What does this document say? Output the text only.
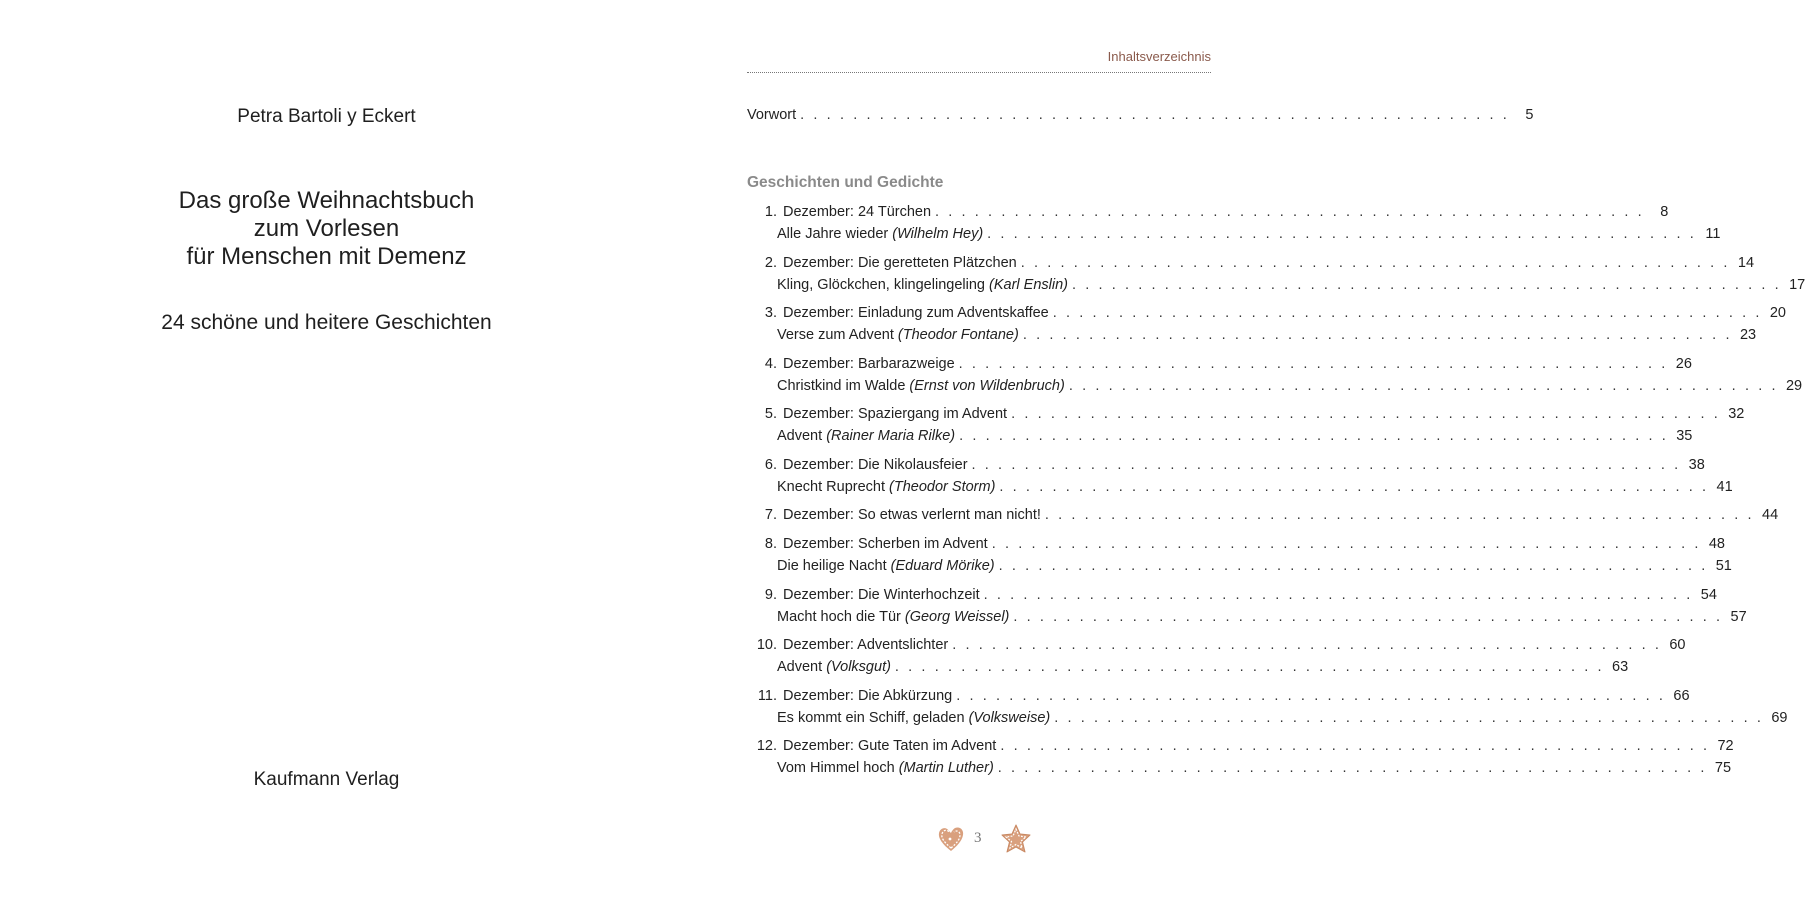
Petra Bartoli y Eckert
Das große Weihnachtsbuch
zum Vorlesen
für Menschen mit Demenz
24 schöne und heitere Geschichten
Kaufmann Verlag
Inhaltsverzeichnis
Vorwort . . . . . . . . . . . . . . . . . . . . . . . . . . . . . . . . . . . . . . . . . . . . . . . . . . . . . .	5
Geschichten und Gedichte
1. Dezember: 24 Türchen . . . . . . . . . . . . . . . . . . . . . . . . . . . . . . . . . . . . . . . . . . . . . . . . . . . . . .	8
Alle Jahre wieder (Wilhelm Hey) . . . . . . . . . . . . . . . . . . . . . . . . . . . . . . . . . . . . . . . . . . . . . . . . . . . . . . 11
2. Dezember: Die geretteten Plätzchen . . . . . . . . . . . . . . . . . . . . . . . . . . . . . . . . . . . . . . . . . . . . . . . . . . . . . . 14
Kling, Glöckchen, klingelingeling (Karl Enslin) . . . . . . . . . . . . . . . . . . . . . . . . . . . . . . . . . . . . . . . . . . . . . . . . . . . . . . 17
3. Dezember: Einladung zum Adventskaffee . . . . . . . . . . . . . . . . . . . . . . . . . . . . . . . . . . . . . . . . . . . . . . . . . . . . . . 20
Verse zum Advent (Theodor Fontane) . . . . . . . . . . . . . . . . . . . . . . . . . . . . . . . . . . . . . . . . . . . . . . . . . . . . . . 23
4. Dezember: Barbarazweige . . . . . . . . . . . . . . . . . . . . . . . . . . . . . . . . . . . . . . . . . . . . . . . . . . . . . . 26
Christkind im Walde (Ernst von Wildenbruch) . . . . . . . . . . . . . . . . . . . . . . . . . . . . . . . . . . . . . . . . . . . . . . . . . . . . . . 29
5. Dezember: Spaziergang im Advent . . . . . . . . . . . . . . . . . . . . . . . . . . . . . . . . . . . . . . . . . . . . . . . . . . . . . . 32
Advent (Rainer Maria Rilke) . . . . . . . . . . . . . . . . . . . . . . . . . . . . . . . . . . . . . . . . . . . . . . . . . . . . . . 35
6. Dezember: Die Nikolausfeier . . . . . . . . . . . . . . . . . . . . . . . . . . . . . . . . . . . . . . . . . . . . . . . . . . . . . . 38
Knecht Ruprecht (Theodor Storm) . . . . . . . . . . . . . . . . . . . . . . . . . . . . . . . . . . . . . . . . . . . . . . . . . . . . . . 41
7. Dezember: So etwas verlernt man nicht! . . . . . . . . . . . . . . . . . . . . . . . . . . . . . . . . . . . . . . . . . . . . . . . . . . . . . . 44
8. Dezember: Scherben im Advent . . . . . . . . . . . . . . . . . . . . . . . . . . . . . . . . . . . . . . . . . . . . . . . . . . . . . . 48
Die heilige Nacht (Eduard Mörike) . . . . . . . . . . . . . . . . . . . . . . . . . . . . . . . . . . . . . . . . . . . . . . . . . . . . . . 51
9. Dezember: Die Winterhochzeit . . . . . . . . . . . . . . . . . . . . . . . . . . . . . . . . . . . . . . . . . . . . . . . . . . . . . . 54
Macht hoch die Tür (Georg Weissel) . . . . . . . . . . . . . . . . . . . . . . . . . . . . . . . . . . . . . . . . . . . . . . . . . . . . . . 57
10. Dezember: Adventslichter . . . . . . . . . . . . . . . . . . . . . . . . . . . . . . . . . . . . . . . . . . . . . . . . . . . . . . 60
Advent (Volksgut) . . . . . . . . . . . . . . . . . . . . . . . . . . . . . . . . . . . . . . . . . . . . . . . . . . . . . . 63
11. Dezember: Die Abkürzung . . . . . . . . . . . . . . . . . . . . . . . . . . . . . . . . . . . . . . . . . . . . . . . . . . . . . . 66
Es kommt ein Schiff, geladen (Volksweise) . . . . . . . . . . . . . . . . . . . . . . . . . . . . . . . . . . . . . . . . . . . . . . . . . . . . . . 69
12. Dezember: Gute Taten im Advent . . . . . . . . . . . . . . . . . . . . . . . . . . . . . . . . . . . . . . . . . . . . . . . . . . . . . . 72
Vom Himmel hoch (Martin Luther) . . . . . . . . . . . . . . . . . . . . . . . . . . . . . . . . . . . . . . . . . . . . . . . . . . . . . . 75
3
